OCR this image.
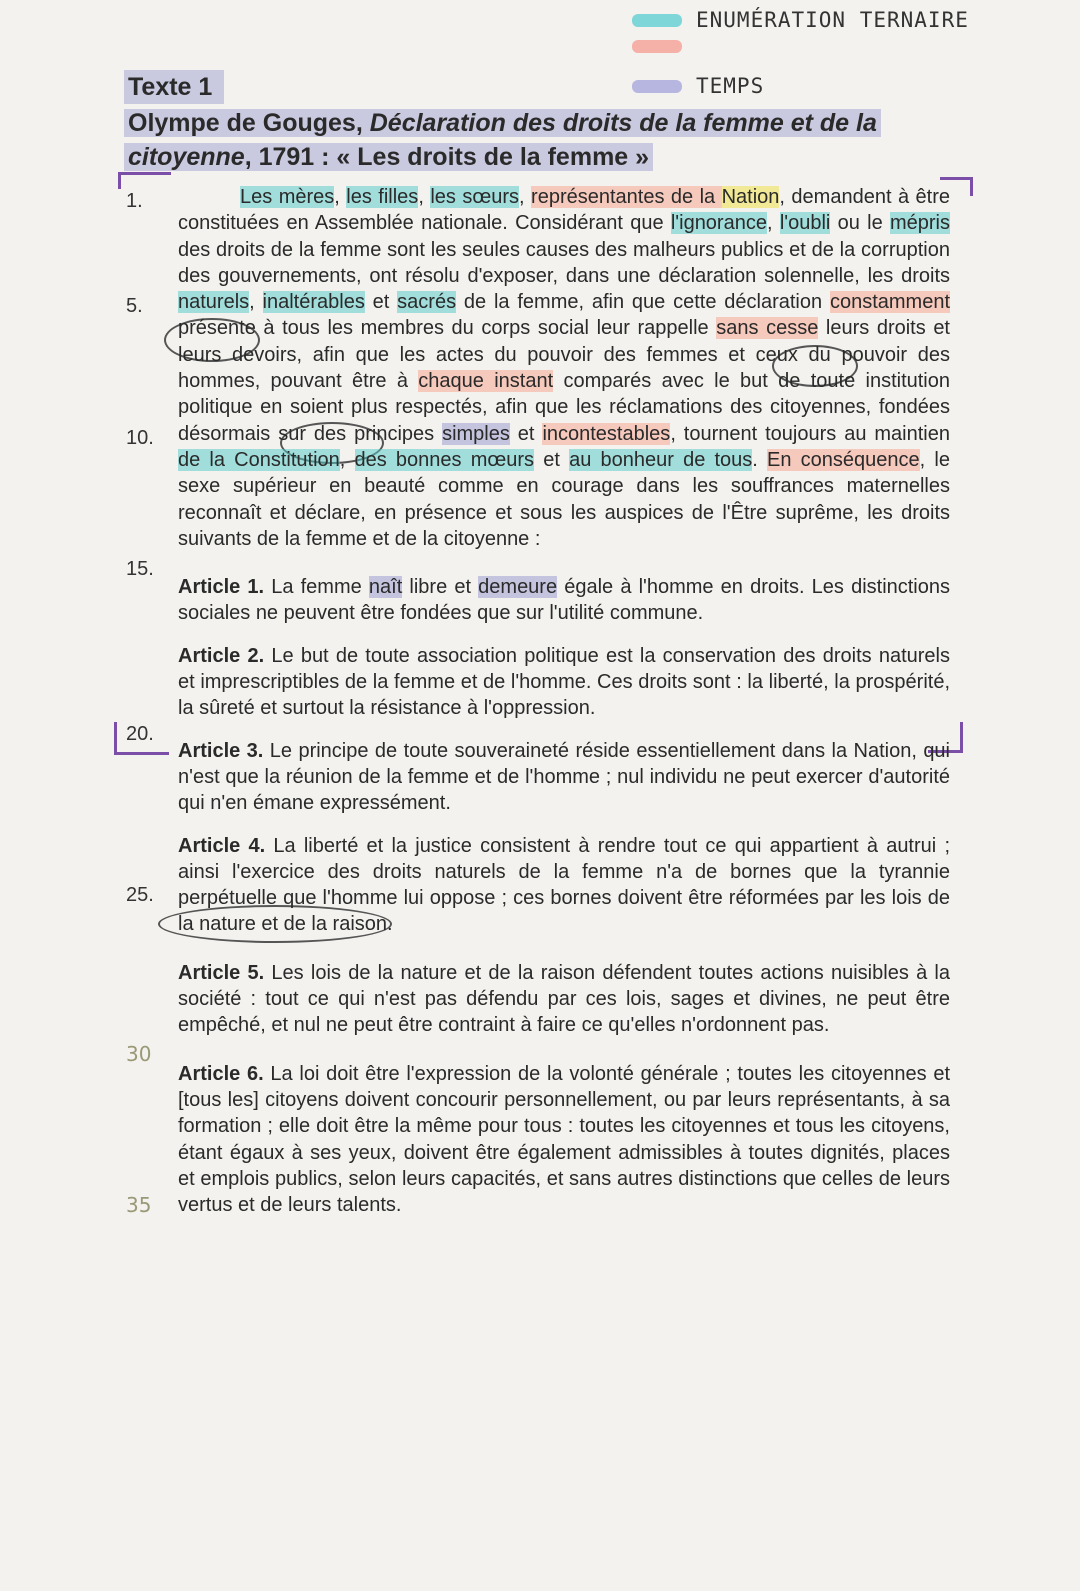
ENUMÉRATION TERNAIRE
TEMPS
Texte 1
Olympe de Gouges, Déclaration des droits de la femme et de la
citoyenne, 1791 : « Les droits de la femme »
1.
5.
10.
15.
20.
25.
30
35

Les mères, les filles, les sœurs, représentantes de la Nation, demandent à être constituées en Assemblée nationale. Considérant que l'ignorance, l'oubli ou le mépris des droits de la femme sont les seules causes des malheurs publics et de la corruption des gouvernements, ont résolu d'exposer, dans une déclaration solennelle, les droits naturels, inaltérables et sacrés de la femme, afin que cette déclaration constamment présente à tous les membres du corps social leur rappelle sans cesse leurs droits et leurs devoirs, afin que les actes du pouvoir des femmes et ceux du pouvoir des hommes, pouvant être à chaque instant comparés avec le but de toute institution politique en soient plus respectés, afin que les réclamations des citoyennes, fondées désormais sur des principes simples et incontestables, tournent toujours au maintien de la Constitution, des bonnes mœurs et au bonheur de tous. En conséquence, le sexe supérieur en beauté comme en courage dans les souffrances maternelles reconnaît et déclare, en présence et sous les auspices de l'Être suprême, les droits suivants de la femme et de la citoyenne :

Article 1. La femme naît libre et demeure égale à l'homme en droits. Les distinctions sociales ne peuvent être fondées que sur l'utilité commune.

Article 2. Le but de toute association politique est la conservation des droits naturels et imprescriptibles de la femme et de l'homme. Ces droits sont : la liberté, la prospérité, la sûreté et surtout la résistance à l'oppression.

Article 3. Le principe de toute souveraineté réside essentiellement dans la Nation, qui n'est que la réunion de la femme et de l'homme ; nul individu ne peut exercer d'autorité qui n'en émane expressément.

Article 4. La liberté et la justice consistent à rendre tout ce qui appartient à autrui ; ainsi l'exercice des droits naturels de la femme n'a de bornes que la tyrannie perpétuelle que l'homme lui oppose ; ces bornes doivent être réformées par les lois de la nature et de la raison.

Article 5. Les lois de la nature et de la raison défendent toutes actions nuisibles à la société : tout ce qui n'est pas défendu par ces lois, sages et divines, ne peut être empêché, et nul ne peut être contraint à faire ce qu'elles n'ordonnent pas.

Article 6. La loi doit être l'expression de la volonté générale ; toutes les citoyennes et [tous les] citoyens doivent concourir personnellement, ou par leurs représentants, à sa formation ; elle doit être la même pour tous : toutes les citoyennes et tous les citoyens, étant égaux à ses yeux, doivent être également admissibles à toutes dignités, places et emplois publics, selon leurs capacités, et sans autres distinctions que celles de leurs vertus et de leurs talents.
